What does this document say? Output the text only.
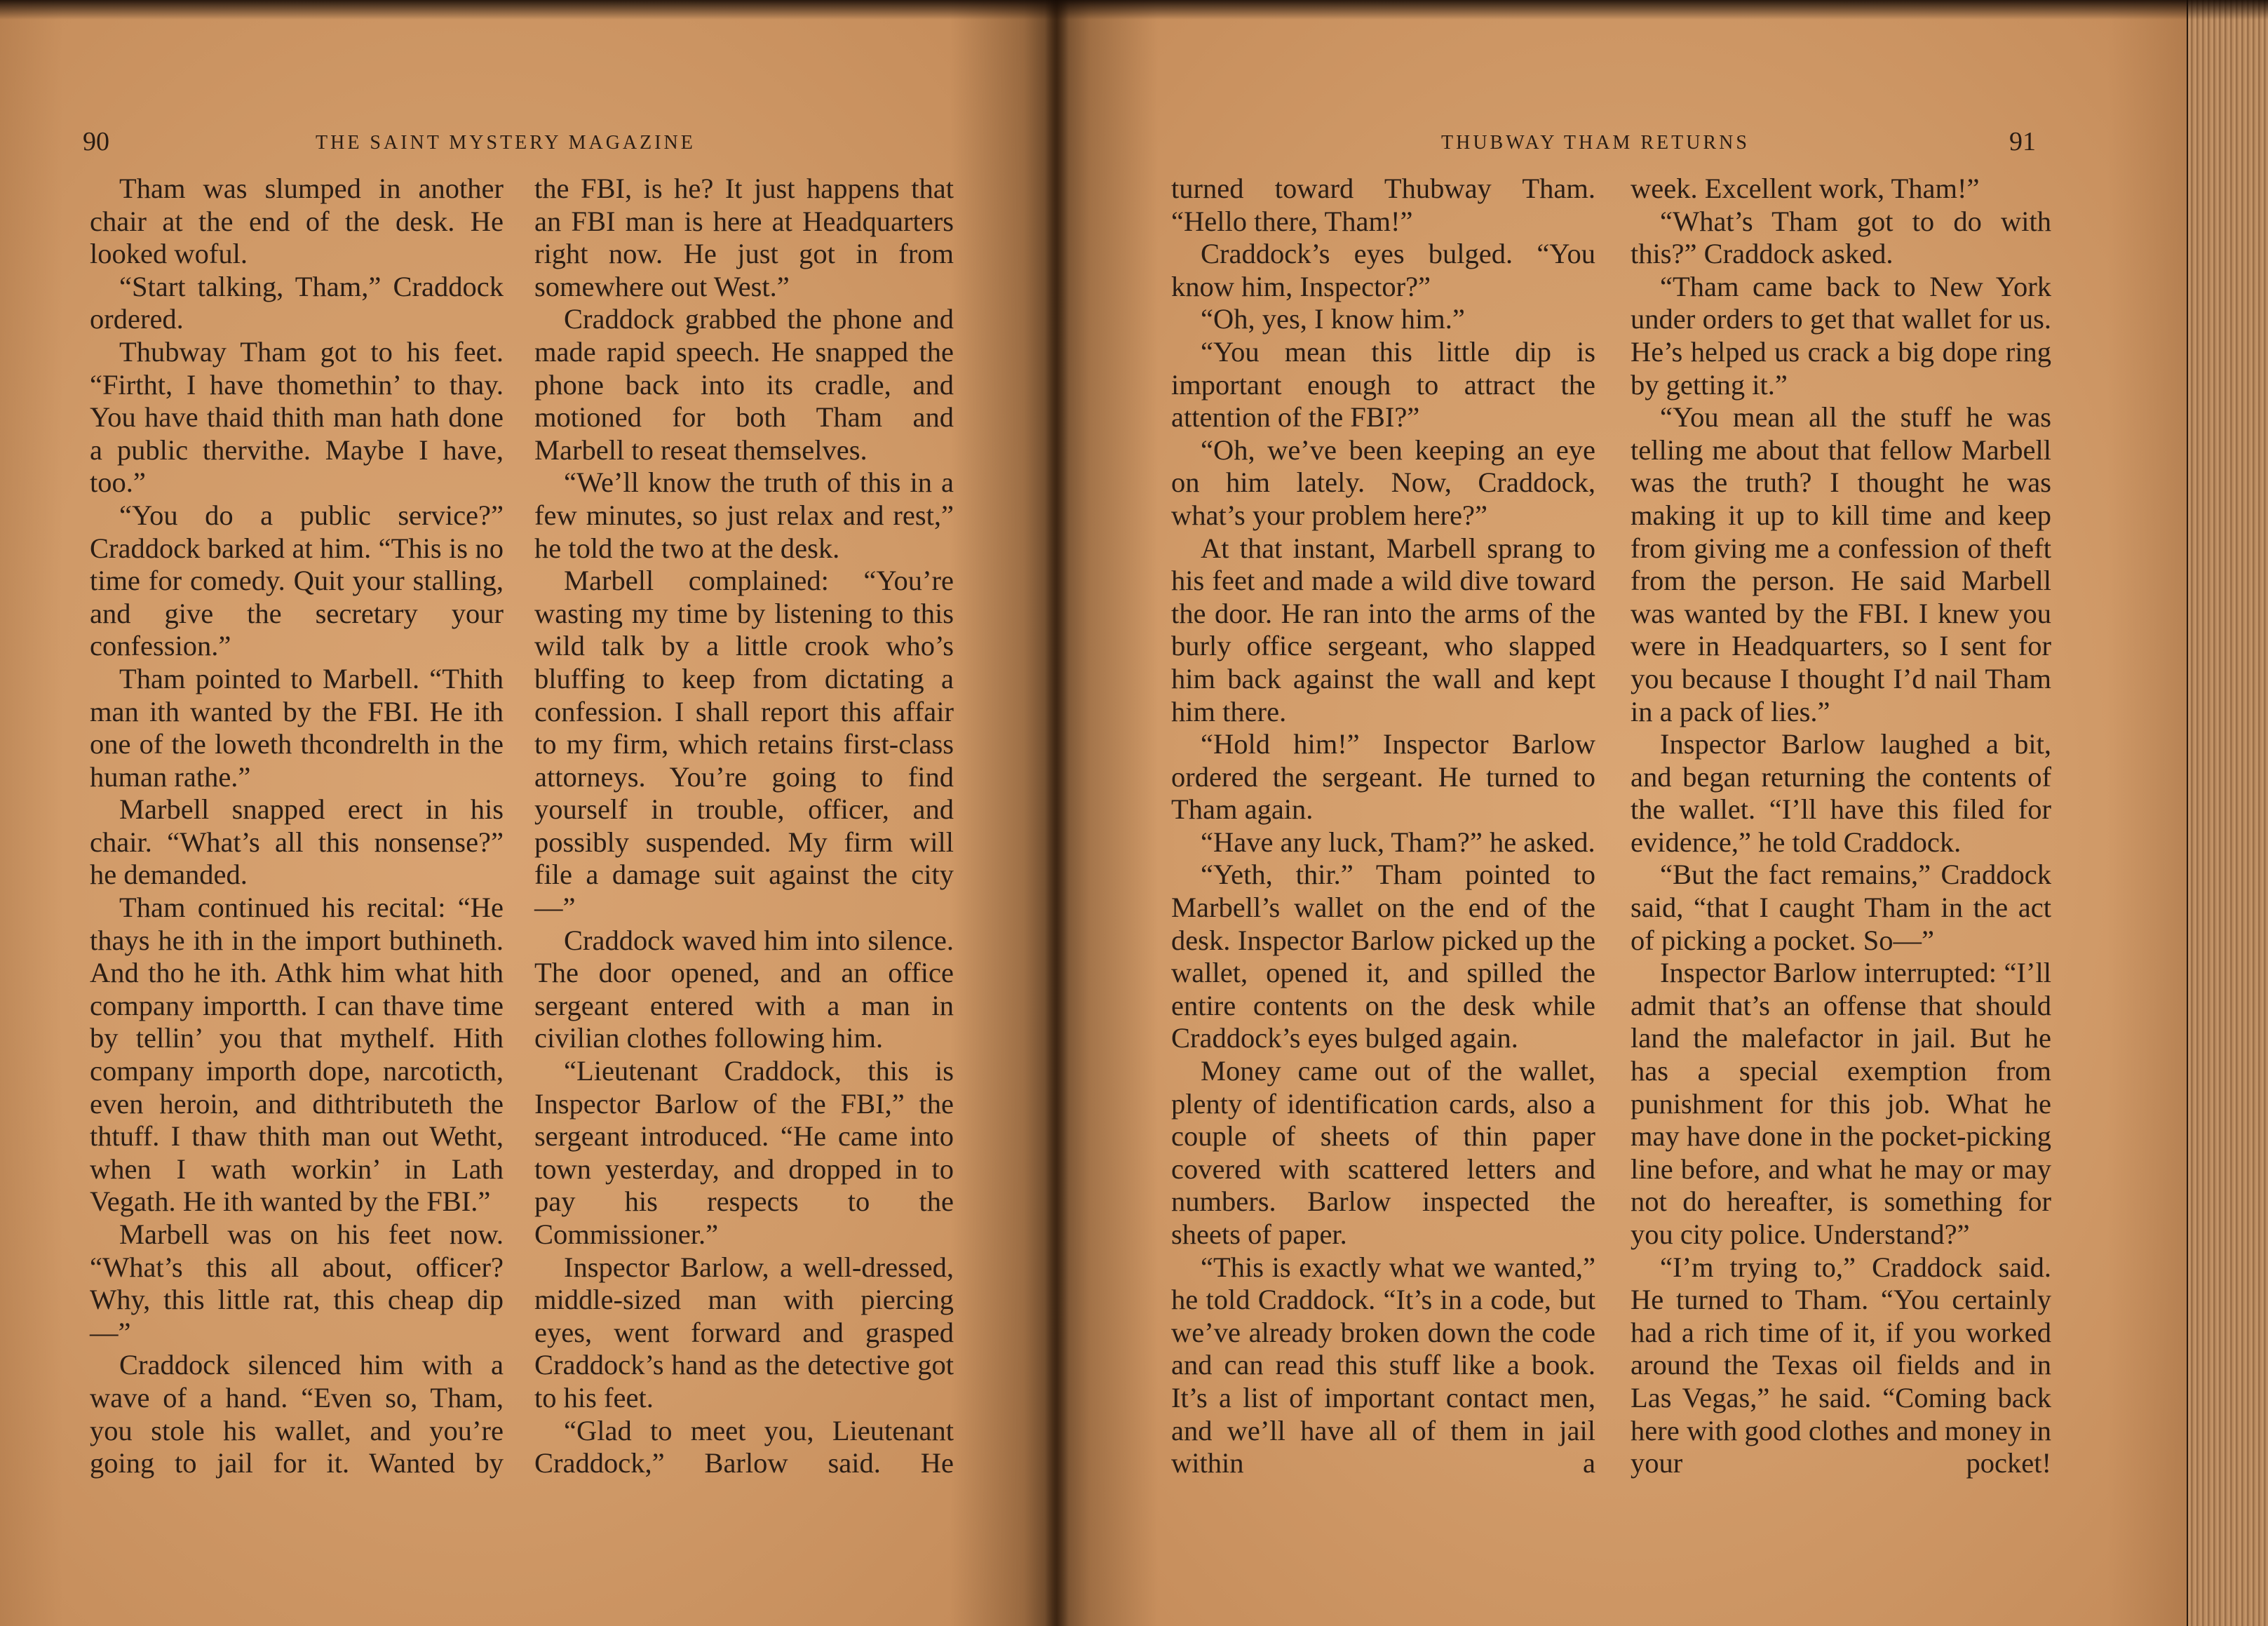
90	THE SAINT MYSTERY MAGAZINE

Tham was slumped in another chair at the end of the desk. He looked woful.

“Start talking, Tham,” Craddock ordered.

Thubway Tham got to his feet. “Firtht, I have thomethin’ to thay. You have thaid thith man hath done a public thervithe. Maybe I have, too.”

“You do a public service?” Craddock barked at him. “This is no time for comedy. Quit your stalling, and give the secretary your confession.”

Tham pointed to Marbell. “Thith man ith wanted by the FBI. He ith one of the loweth thcondrelth in the human rathe.”

Marbell snapped erect in his chair. “What’s all this nonsense?” he demanded.

Tham continued his recital: “He thays he ith in the import buthineth. And tho he ith. Athk him what hith company importth. I can thave time by tellin’ you that mythelf. Hith company importh dope, narcoticth, even heroin, and dithtributeth the thtuff. I thaw thith man out Wetht, when I wath workin’ in Lath Vegath. He ith wanted by the FBI.”

Marbell was on his feet now. “What’s this all about, officer? Why, this little rat, this cheap dip—”

Craddock silenced him with a wave of a hand. “Even so, Tham, you stole his wallet, and you’re going to jail for it. Wanted by

the FBI, is he? It just happens that an FBI man is here at Headquarters right now. He just got in from somewhere out West.”

Craddock grabbed the phone and made rapid speech. He snapped the phone back into its cradle, and motioned for both Tham and Marbell to reseat themselves.

“We’ll know the truth of this in a few minutes, so just relax and rest,” he told the two at the desk.

Marbell complained: “You’re wasting my time by listening to this wild talk by a little crook who’s bluffing to keep from dictating a confession. I shall report this affair to my firm, which retains first-class attorneys. You’re going to find yourself in trouble, officer, and possibly suspended. My firm will file a damage suit against the city—”

Craddock waved him into silence. The door opened, and an office sergeant entered with a man in civilian clothes following him.

“Lieutenant Craddock, this is Inspector Barlow of the FBI,” the sergeant introduced. “He came into town yesterday, and dropped in to pay his respects to the Commissioner.”

Inspector Barlow, a well-dressed, middle-sized man with piercing eyes, went forward and grasped Craddock’s hand as the detective got to his feet.

“Glad to meet you, Lieutenant Craddock,” Barlow said. He

THUBWAY THAM RETURNS	91

turned toward Thubway Tham. “Hello there, Tham!”

Craddock’s eyes bulged. “You know him, Inspector?”

“Oh, yes, I know him.”

“You mean this little dip is important enough to attract the attention of the FBI?”

“Oh, we’ve been keeping an eye on him lately. Now, Craddock, what’s your problem here?”

At that instant, Marbell sprang to his feet and made a wild dive toward the door. He ran into the arms of the burly office sergeant, who slapped him back against the wall and kept him there.

“Hold him!” Inspector Barlow ordered the sergeant. He turned to Tham again.

“Have any luck, Tham?” he asked.

“Yeth, thir.” Tham pointed to Marbell’s wallet on the end of the desk. Inspector Barlow picked up the wallet, opened it, and spilled the entire contents on the desk while Craddock’s eyes bulged again.

Money came out of the wallet, plenty of identification cards, also a couple of sheets of thin paper covered with scattered letters and numbers. Barlow inspected the sheets of paper.

“This is exactly what we wanted,” he told Craddock. “It’s in a code, but we’ve already broken down the code and can read this stuff like a book. It’s a list of important contact men, and we’ll have all of them in jail within a

week. Excellent work, Tham!”

“What’s Tham got to do with this?” Craddock asked.

“Tham came back to New York under orders to get that wallet for us. He’s helped us crack a big dope ring by getting it.”

“You mean all the stuff he was telling me about that fellow Marbell was the truth? I thought he was making it up to kill time and keep from giving me a confession of theft from the person. He said Marbell was wanted by the FBI. I knew you were in Headquarters, so I sent for you because I thought I’d nail Tham in a pack of lies.”

Inspector Barlow laughed a bit, and began returning the contents of the wallet. “I’ll have this filed for evidence,” he told Craddock.

“But the fact remains,” Craddock said, “that I caught Tham in the act of picking a pocket. So—”

Inspector Barlow interrupted: “I’ll admit that’s an offense that should land the malefactor in jail. But he has a special exemption from punishment for this job. What he may have done in the pocket-picking line before, and what he may or may not do hereafter, is something for you city police. Understand?”

“I’m trying to,” Craddock said. He turned to Tham. “You certainly had a rich time of it, if you worked around the Texas oil fields and in Las Vegas,” he said. “Coming back here with good clothes and money in your pocket!
